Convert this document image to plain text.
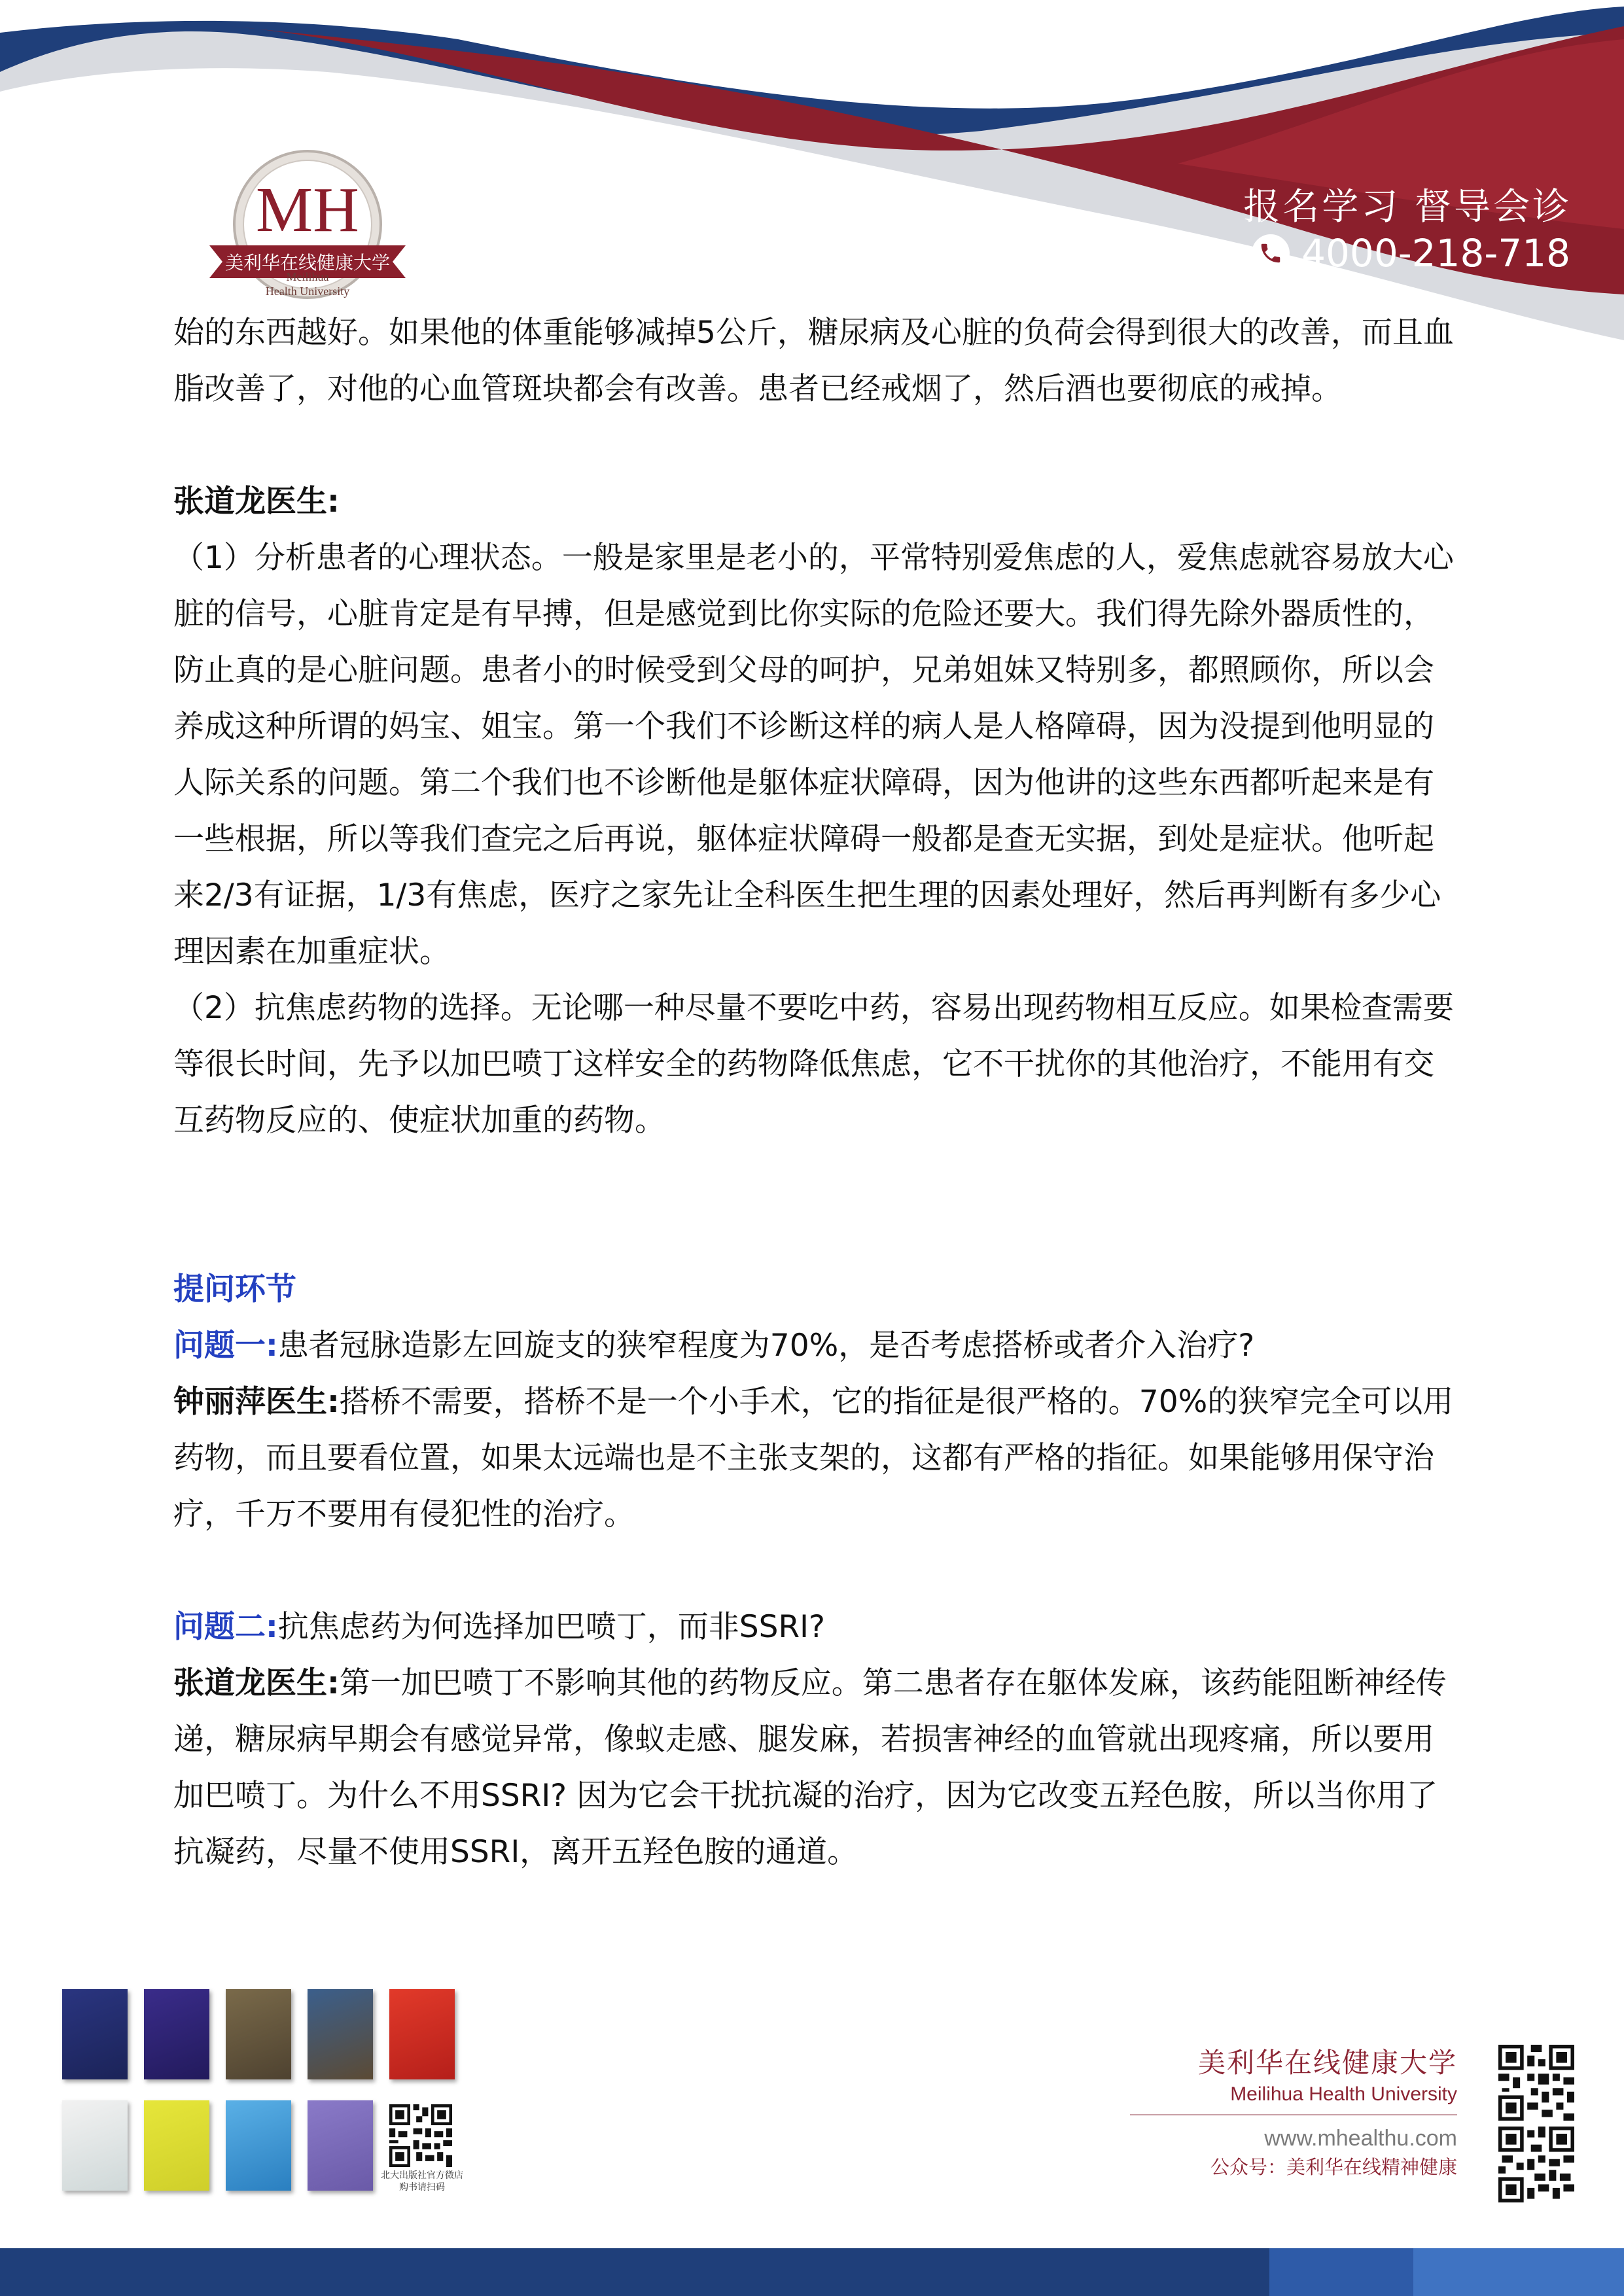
MH
美利华在线健康大学
Meilihua
Health University
报名学习 督导会诊
4000-218-718

始的东西越好。如果他的体重能够减掉5公斤，糖尿病及心脏的负荷会得到很大的改善，而且血脂改善了，对他的心血管斑块都会有改善。患者已经戒烟了，然后酒也要彻底的戒掉。

张道龙医生:

（1）分析患者的心理状态。一般是家里是老小的，平常特别爱焦虑的人，爱焦虑就容易放大心脏的信号，心脏肯定是有早搏，但是感觉到比你实际的危险还要大。我们得先除外器质性的，防止真的是心脏问题。患者小的时候受到父母的呵护，兄弟姐妹又特别多，都照顾你，所以会养成这种所谓的妈宝、姐宝。第一个我们不诊断这样的病人是人格障碍，因为没提到他明显的人际关系的问题。第二个我们也不诊断他是躯体症状障碍，因为他讲的这些东西都听起来是有一些根据，所以等我们查完之后再说，躯体症状障碍一般都是查无实据，到处是症状。他听起来2/3有证据，1/3有焦虑，医疗之家先让全科医生把生理的因素处理好，然后再判断有多少心理因素在加重症状。

（2）抗焦虑药物的选择。无论哪一种尽量不要吃中药，容易出现药物相互反应。如果检查需要等很长时间，先予以加巴喷丁这样安全的药物降低焦虑，它不干扰你的其他治疗，不能用有交互药物反应的、使症状加重的药物。

提问环节

问题一:患者冠脉造影左回旋支的狭窄程度为70%，是否考虑搭桥或者介入治疗?

钟丽萍医生:搭桥不需要，搭桥不是一个小手术，它的指征是很严格的。70%的狭窄完全可以用药物，而且要看位置，如果太远端也是不主张支架的，这都有严格的指征。如果能够用保守治疗，千万不要用有侵犯性的治疗。

问题二:抗焦虑药为何选择加巴喷丁，而非SSRI?

张道龙医生:第一加巴喷丁不影响其他的药物反应。第二患者存在躯体发麻，该药能阻断神经传递，糖尿病早期会有感觉异常，像蚁走感、腿发麻，若损害神经的血管就出现疼痛，所以要用加巴喷丁。为什么不用SSRI? 因为它会干扰抗凝的治疗，因为它改变五羟色胺，所以当你用了抗凝药，尽量不使用SSRI，离开五羟色胺的通道。

北大出版社官方微店
购书请扫码
美利华在线健康大学
Meilihua Health University
www.mhealthu.com
公众号：美利华在线精神健康
